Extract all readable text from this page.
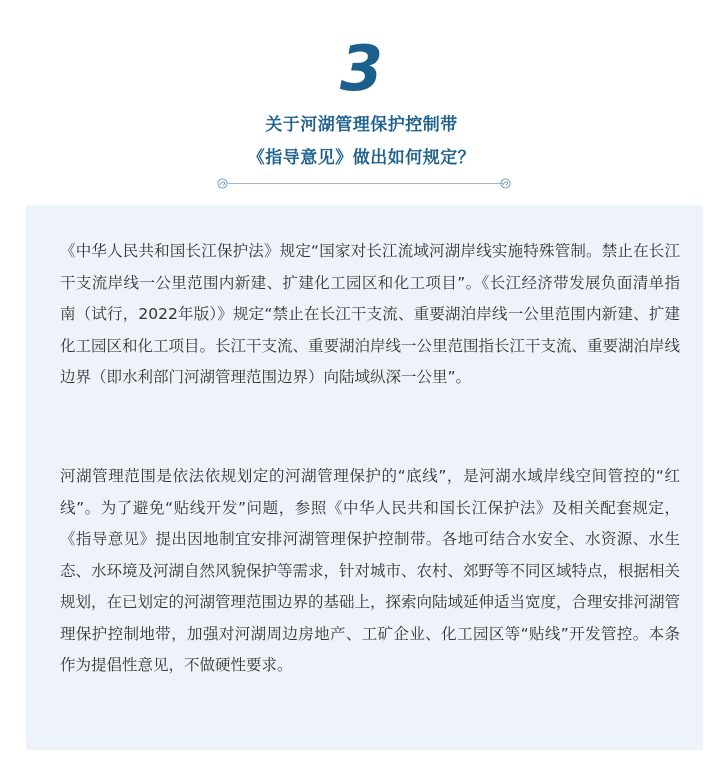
3
关于河湖管理保护控制带
《指导意见》做出如何规定？

《中华人民共和国长江保护法》规定“国家对长江流域河湖岸线实施特殊管制。禁止在长江干支流岸线一公里范围内新建、扩建化工园区和化工项目”。《长江经济带发展负面清单指南（试行，2022年版）》规定“禁止在长江干支流、重要湖泊岸线一公里范围内新建、扩建化工园区和化工项目。长江干支流、重要湖泊岸线一公里范围指长江干支流、重要湖泊岸线边界（即水利部门河湖管理范围边界）向陆域纵深一公里”。

河湖管理范围是依法依规划定的河湖管理保护的“底线”，是河湖水域岸线空间管控的“红线”。为了避免“贴线开发”问题，参照《中华人民共和国长江保护法》及相关配套规定，《指导意见》提出因地制宜安排河湖管理保护控制带。各地可结合水安全、水资源、水生态、水环境及河湖自然风貌保护等需求，针对城市、农村、郊野等不同区域特点，根据相关规划，在已划定的河湖管理范围边界的基础上，探索向陆域延伸适当宽度，合理安排河湖管理保护控制地带，加强对河湖周边房地产、工矿企业、化工园区等“贴线”开发管控。本条作为提倡性意见，不做硬性要求。
